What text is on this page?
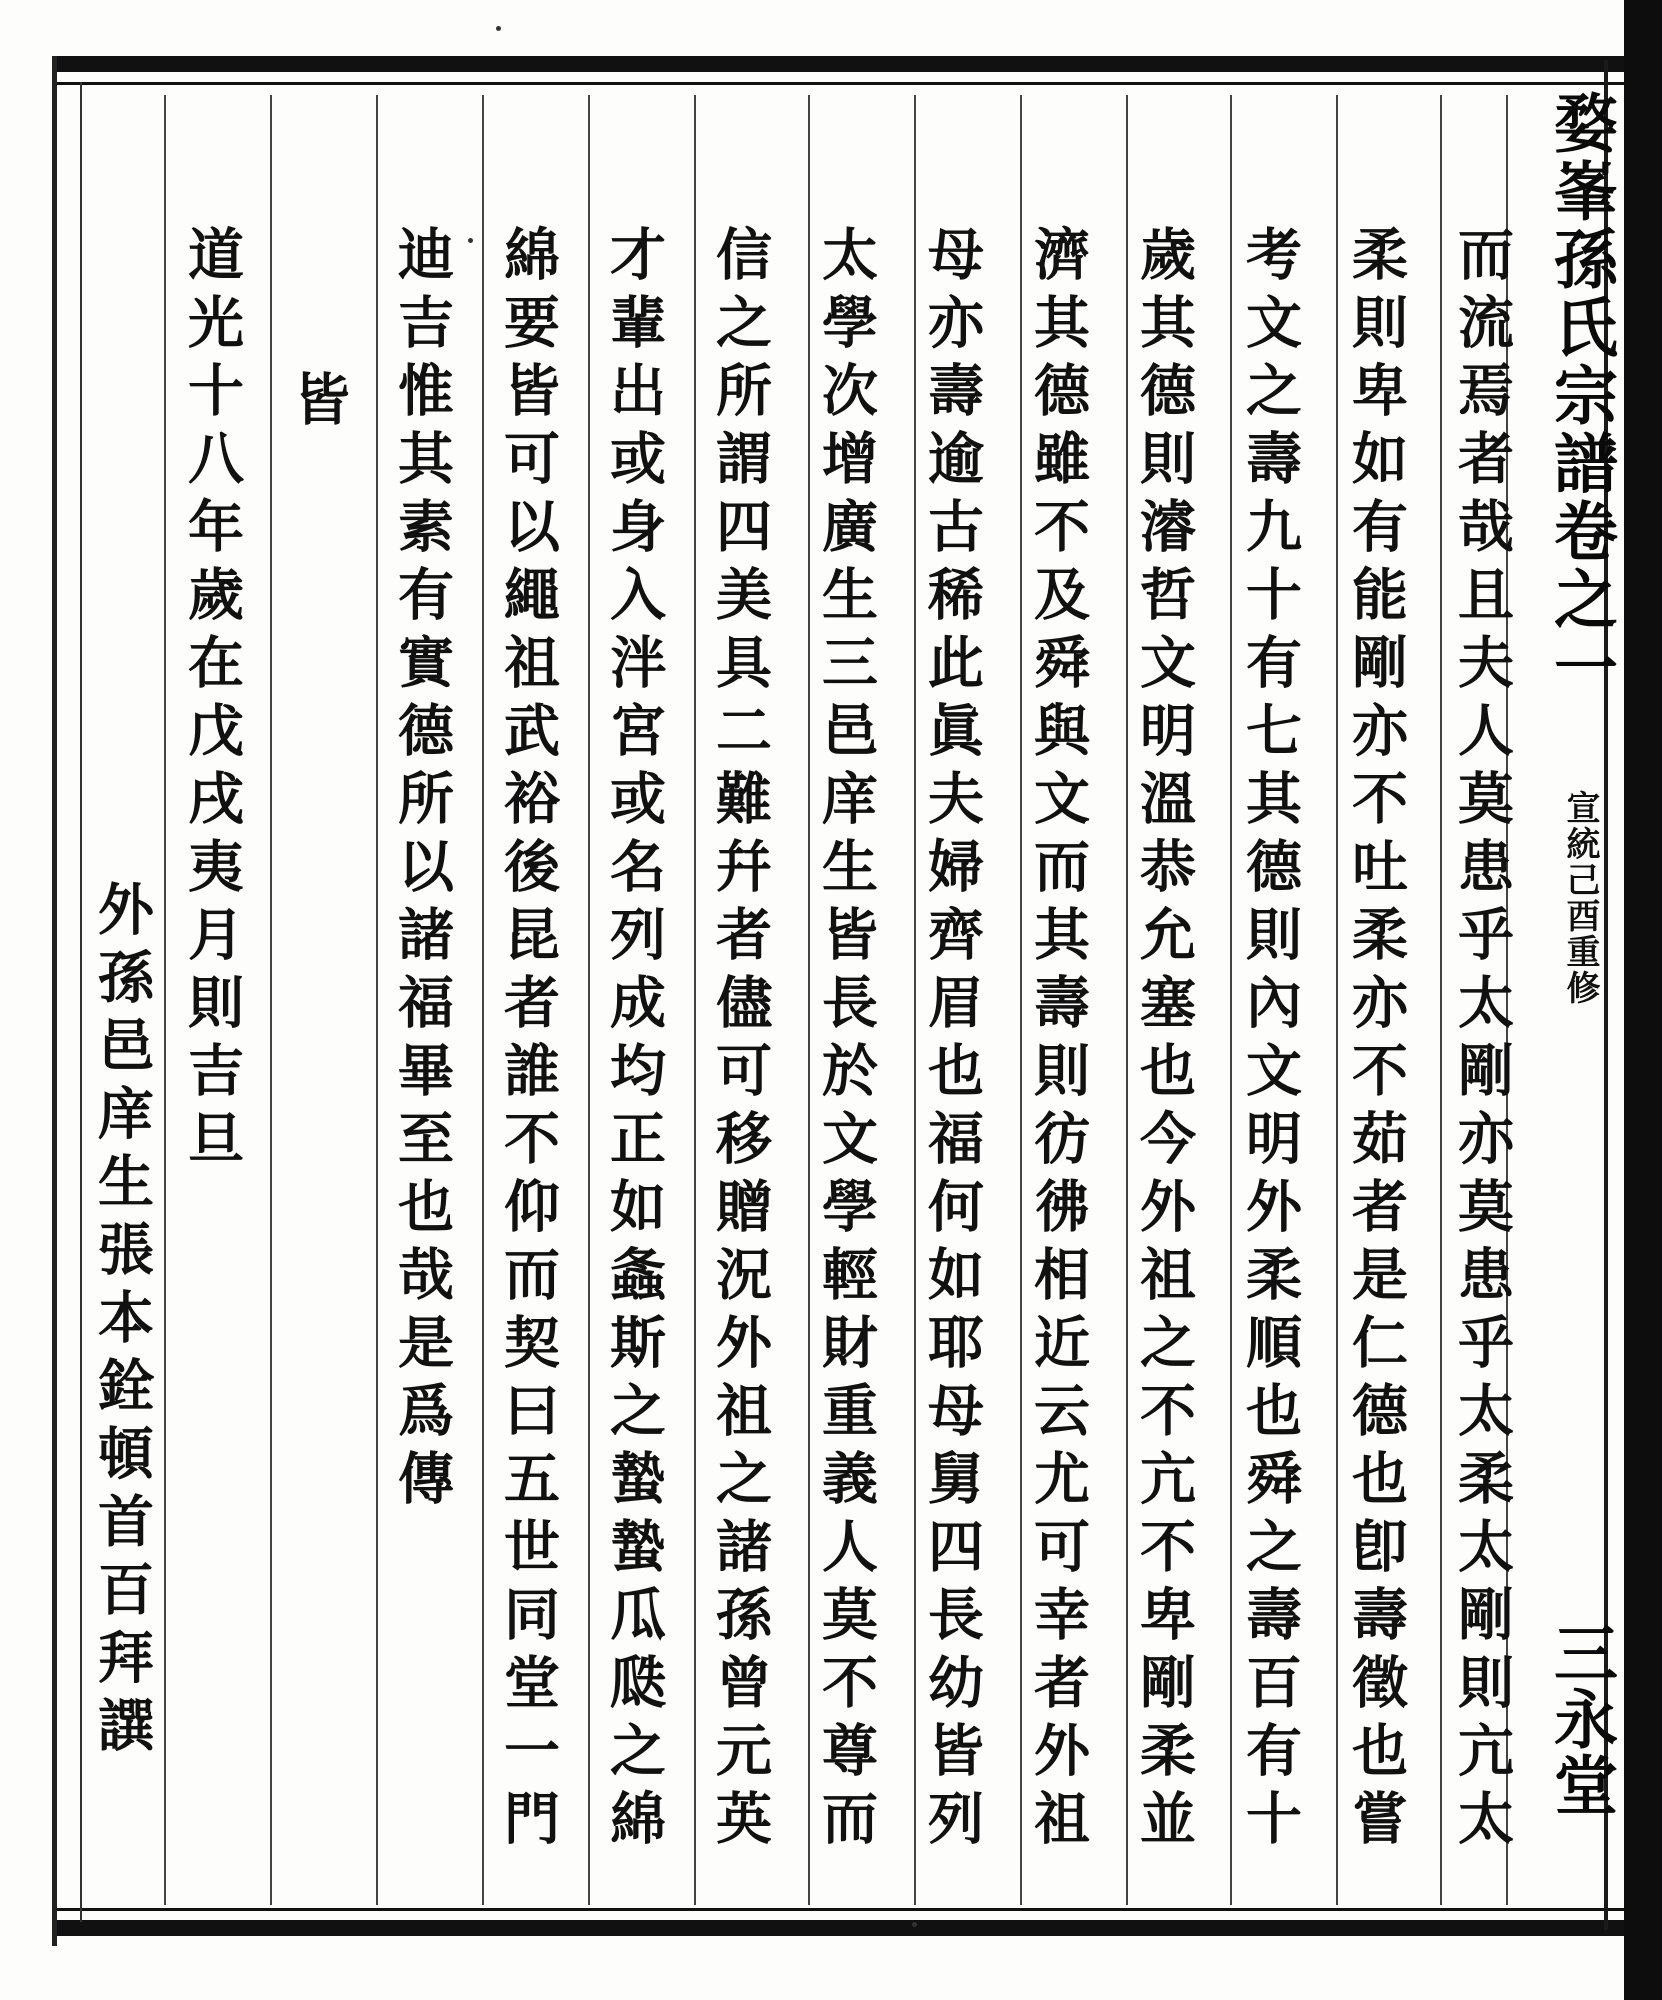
婺峯孫氏宗譜卷之一
宣統己酉重修
三永堂
而流焉者哉且夫人莫患乎太剛亦莫患乎太柔太剛則亢太
柔則卑如有能剛亦不吐柔亦不茹者是仁德也卽壽徵也嘗
考文之壽九十有七其德則內文明外柔順也舜之壽百有十
歲其德則濬哲文明溫恭允塞也今外祖之不亢不卑剛柔並
濟其德雖不及舜與文而其壽則彷彿相近云尤可幸者外祖
母亦壽逾古稀此眞夫婦齊眉也福何如耶母舅四長幼皆列
太學次增廣生三邑庠生皆長於文學輕財重義人莫不尊而
信之所謂四美具二難幷者儘可移贈況外祖之諸孫曾元英
才輩出或身入泮宮或名列成均正如螽斯之蟄蟄瓜瓞之綿
綿要皆可以繩祖武裕後昆者誰不仰而契曰五世同堂一門
迪吉惟其素有實德所以諸福畢至也哉是爲傳
皆
道光十八年歲在戊戌夷月則吉旦
外孫邑庠生張本銓頓首百拜譔
